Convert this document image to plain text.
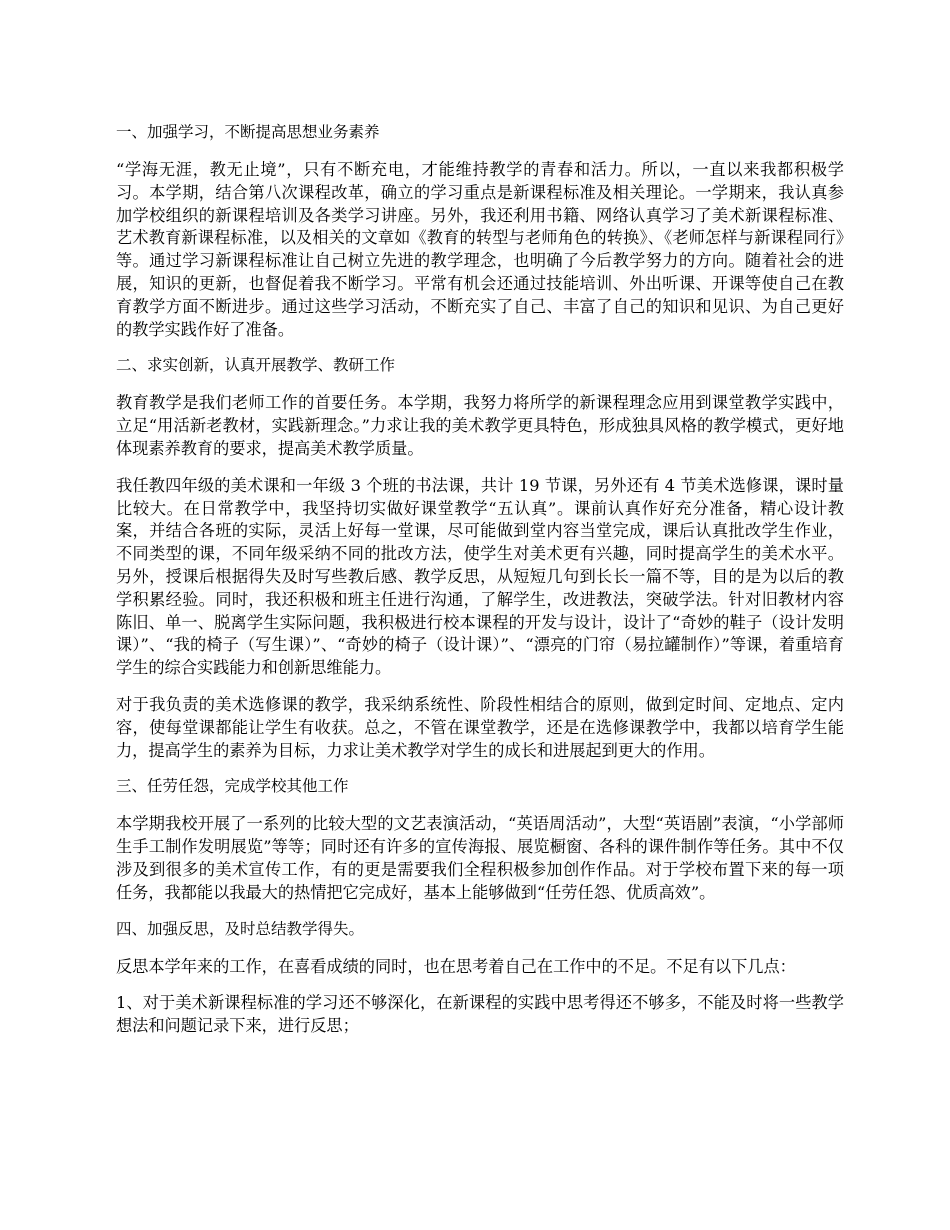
一、加强学习，不断提高思想业务素养

“学海无涯，教无止境”，只有不断充电，才能维持教学的青春和活力。所以，一直以来我都积极学习。本学期，结合第八次课程改革，确立的学习重点是新课程标准及相关理论。一学期来，我认真参加学校组织的新课程培训及各类学习讲座。另外，我还利用书籍、网络认真学习了美术新课程标准、艺术教育新课程标准，以及相关的文章如《教育的转型与老师角色的转换》、《老师怎样与新课程同行》等。通过学习新课程标准让自己树立先进的教学理念，也明确了今后教学努力的方向。随着社会的进展，知识的更新，也督促着我不断学习。平常有机会还通过技能培训、外出听课、开课等使自己在教育教学方面不断进步。通过这些学习活动，不断充实了自己、丰富了自己的知识和见识、为自己更好的教学实践作好了准备。

二、求实创新，认真开展教学、教研工作

教育教学是我们老师工作的首要任务。本学期，我努力将所学的新课程理念应用到课堂教学实践中，立足“用活新老教材，实践新理念。”力求让我的美术教学更具特色，形成独具风格的教学模式，更好地体现素养教育的要求，提高美术教学质量。

我任教四年级的美术课和一年级 3 个班的书法课，共计 19 节课，另外还有 4 节美术选修课，课时量比较大。在日常教学中，我坚持切实做好课堂教学“五认真”。课前认真作好充分准备，精心设计教案，并结合各班的实际，灵活上好每一堂课，尽可能做到堂内容当堂完成，课后认真批改学生作业，不同类型的课，不同年级采纳不同的批改方法，使学生对美术更有兴趣，同时提高学生的美术水平。另外，授课后根据得失及时写些教后感、教学反思，从短短几句到长长一篇不等，目的是为以后的教学积累经验。同时，我还积极和班主任进行沟通，了解学生，改进教法，突破学法。针对旧教材内容陈旧、单一、脱离学生实际问题，我积极进行校本课程的开发与设计，设计了“奇妙的鞋子（设计发明课）”、“我的椅子（写生课）”、“奇妙的椅子（设计课）”、“漂亮的门帘（易拉罐制作）”等课，着重培育学生的综合实践能力和创新思维能力。

对于我负责的美术选修课的教学，我采纳系统性、阶段性相结合的原则，做到定时间、定地点、定内容，使每堂课都能让学生有收获。总之，不管在课堂教学，还是在选修课教学中，我都以培育学生能力，提高学生的素养为目标，力求让美术教学对学生的成长和进展起到更大的作用。

三、任劳任怨，完成学校其他工作

本学期我校开展了一系列的比较大型的文艺表演活动，“英语周活动”，大型“英语剧”表演，“小学部师生手工制作发明展览”等等；同时还有许多的宣传海报、展览橱窗、各科的课件制作等任务。其中不仅涉及到很多的美术宣传工作，有的更是需要我们全程积极参加创作作品。对于学校布置下来的每一项任务，我都能以我最大的热情把它完成好，基本上能够做到“任劳任怨、优质高效”。

四、加强反思，及时总结教学得失。

反思本学年来的工作，在喜看成绩的同时，也在思考着自己在工作中的不足。不足有以下几点：

1、对于美术新课程标准的学习还不够深化，在新课程的实践中思考得还不够多，不能及时将一些教学想法和问题记录下来，进行反思；
